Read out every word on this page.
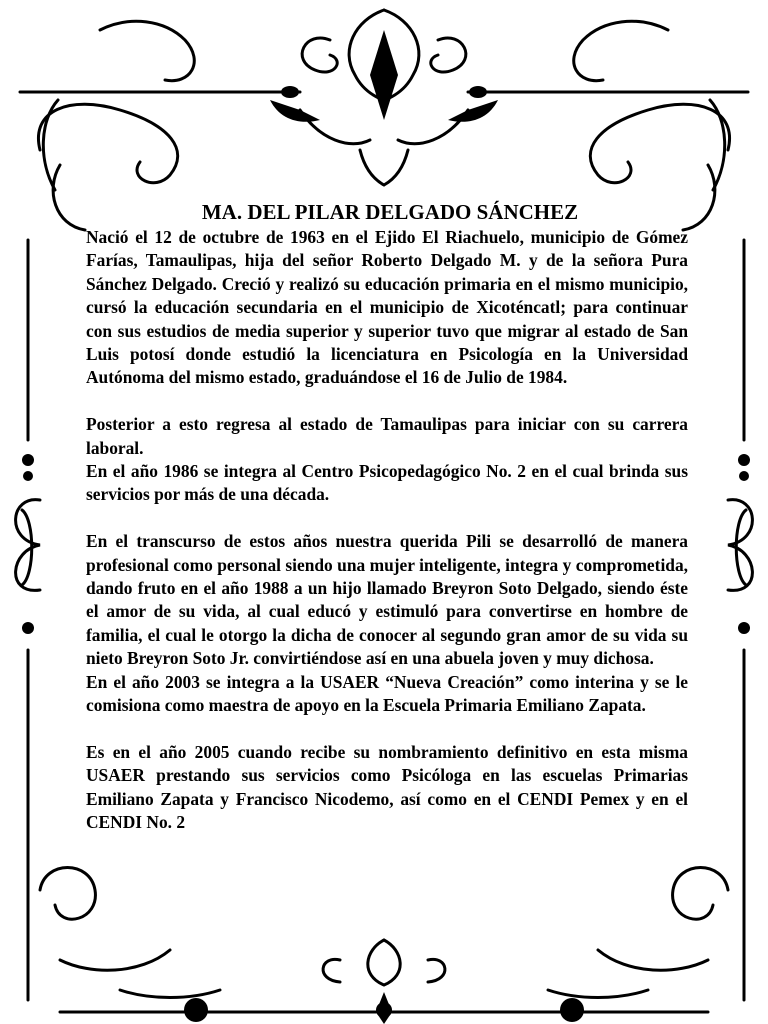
MA. DEL PILAR DELGADO SÁNCHEZ

Nació el 12 de octubre de 1963 en el Ejido El Riachuelo, municipio de Gómez Farías, Tamaulipas, hija del señor Roberto Delgado M. y de la señora Pura Sánchez Delgado. Creció y realizó su educación primaria en el mismo municipio, cursó la educación secundaria en el municipio de Xicoténcatl; para continuar con sus estudios de media superior y superior tuvo que migrar al estado de San Luis potosí donde estudió la licenciatura en Psicología en la Universidad Autónoma del mismo estado, graduándose el 16 de Julio de 1984.

Posterior a esto regresa al estado de Tamaulipas para iniciar con su carrera laboral.

En el año 1986 se integra al Centro Psicopedagógico No. 2 en el cual brinda sus servicios por más de una década.

En el transcurso de estos años nuestra querida Pili se desarrolló de manera profesional como personal siendo una mujer inteligente, integra y comprometida, dando fruto en el año 1988 a un hijo llamado Breyron Soto Delgado, siendo éste el amor de su vida, al cual educó y estimuló para convertirse en hombre de familia, el cual le otorgo la dicha de conocer al segundo gran amor de su vida su nieto Breyron Soto Jr. convirtiéndose así en una abuela joven y muy dichosa.

En el año 2003 se integra a la USAER “Nueva Creación” como interina y se le comisiona como maestra de apoyo en la Escuela Primaria Emiliano Zapata.

Es en el año 2005 cuando recibe su nombramiento definitivo en esta misma USAER prestando sus servicios como Psicóloga en las escuelas Primarias Emiliano Zapata y Francisco Nicodemo, así como en el CENDI Pemex y en el CENDI No. 2
